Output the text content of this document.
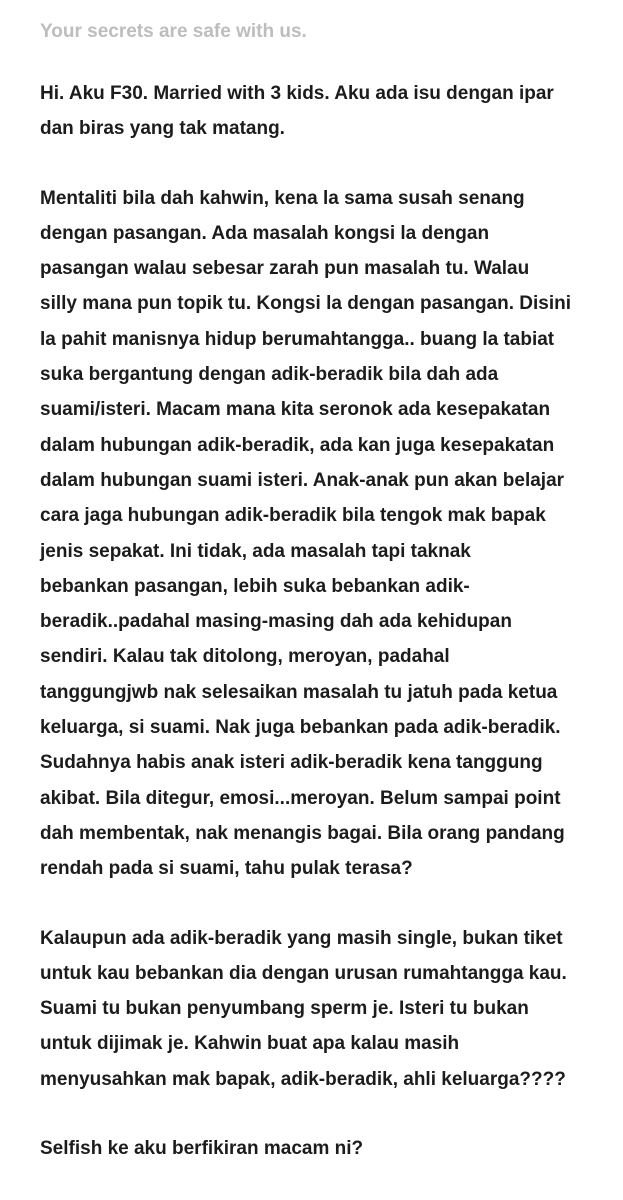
Your secrets are safe with us.

Hi. Aku F30. Married with 3 kids. Aku ada isu dengan ipar
dan biras yang tak matang.
Mentaliti bila dah kahwin, kena la sama susah senang
dengan pasangan. Ada masalah kongsi la dengan
pasangan walau sebesar zarah pun masalah tu. Walau
silly mana pun topik tu. Kongsi la dengan pasangan. Disini
la pahit manisnya hidup berumahtangga.. buang la tabiat
suka bergantung dengan adik-beradik bila dah ada
suami/isteri. Macam mana kita seronok ada kesepakatan
dalam hubungan adik-beradik, ada kan juga kesepakatan
dalam hubungan suami isteri. Anak-anak pun akan belajar
cara jaga hubungan adik-beradik bila tengok mak bapak
jenis sepakat. Ini tidak, ada masalah tapi taknak
bebankan pasangan, lebih suka bebankan adik-
beradik..padahal masing-masing dah ada kehidupan
sendiri. Kalau tak ditolong, meroyan, padahal
tanggungjwb nak selesaikan masalah tu jatuh pada ketua
keluarga, si suami. Nak juga bebankan pada adik-beradik.
Sudahnya habis anak isteri adik-beradik kena tanggung
akibat. Bila ditegur, emosi...meroyan. Belum sampai point
dah membentak, nak menangis bagai. Bila orang pandang
rendah pada si suami, tahu pulak terasa?
Kalaupun ada adik-beradik yang masih single, bukan tiket
untuk kau bebankan dia dengan urusan rumahtangga kau.
Suami tu bukan penyumbang sperm je. Isteri tu bukan
untuk dijimak je. Kahwin buat apa kalau masih
menyusahkan mak bapak, adik-beradik, ahli keluarga????
Selfish ke aku berfikiran macam ni?
